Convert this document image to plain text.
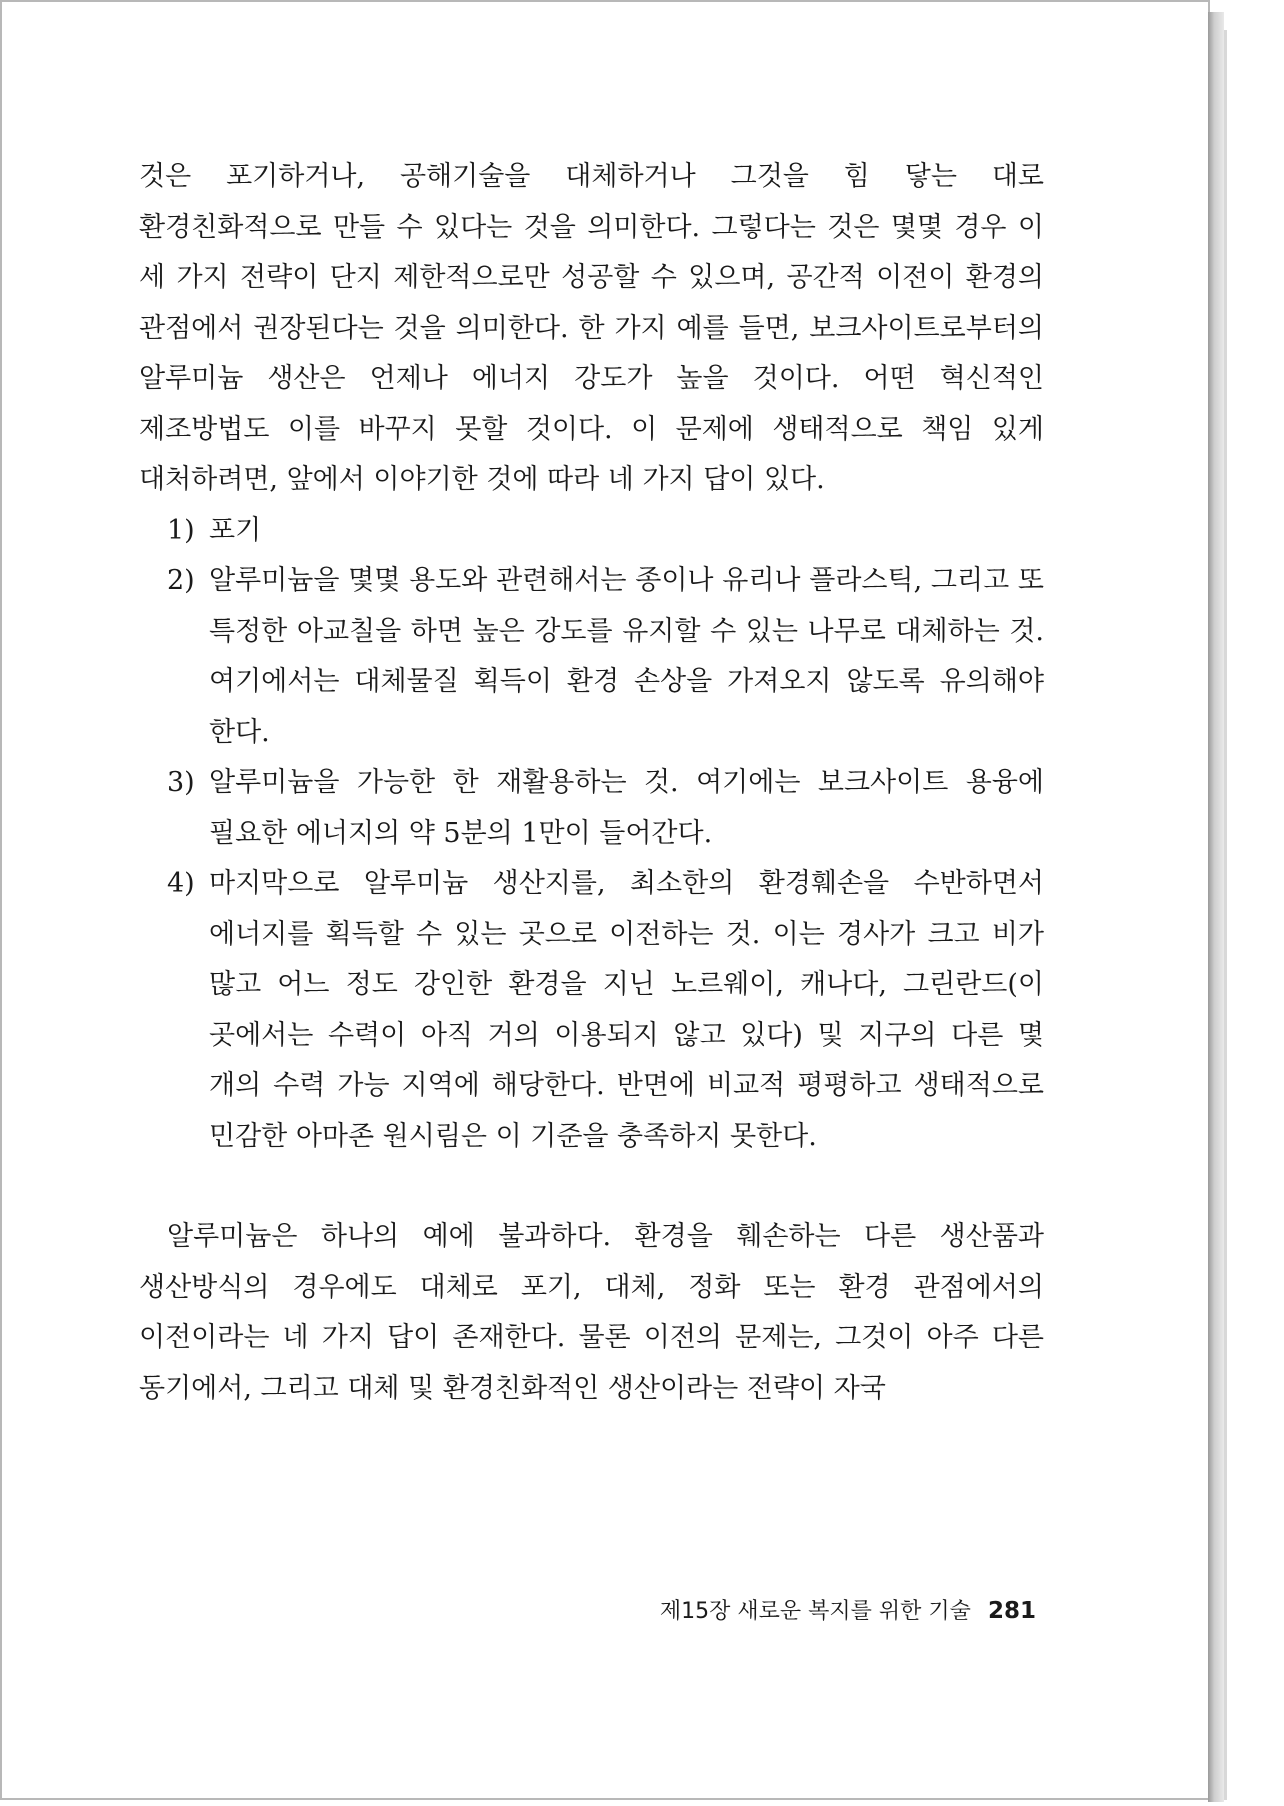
것은 포기하거나, 공해기술을 대체하거나 그것을 힘 닿는 대로 환경친화적으로 만들 수 있다는 것을 의미한다. 그렇다는 것은 몇몇 경우 이 세 가지 전략이 단지 제한적으로만 성공할 수 있으며, 공간적 이전이 환경의 관점에서 권장된다는 것을 의미한다. 한 가지 예를 들면, 보크사이트로부터의 알루미늄 생산은 언제나 에너지 강도가 높을 것이다. 어떤 혁신적인 제조방법도 이를 바꾸지 못할 것이다. 이 문제에 생태적으로 책임 있게 대처하려면, 앞에서 이야기한 것에 따라 네 가지 답이 있다.

1) 포기
2) 알루미늄을 몇몇 용도와 관련해서는 종이나 유리나 플라스틱, 그리고 또 특정한 아교칠을 하면 높은 강도를 유지할 수 있는 나무로 대체하는 것. 여기에서는 대체물질 획득이 환경 손상을 가져오지 않도록 유의해야 한다.
3) 알루미늄을 가능한 한 재활용하는 것. 여기에는 보크사이트 용융에 필요한 에너지의 약 5분의 1만이 들어간다.
4) 마지막으로 알루미늄 생산지를, 최소한의 환경훼손을 수반하면서 에너지를 획득할 수 있는 곳으로 이전하는 것. 이는 경사가 크고 비가 많고 어느 정도 강인한 환경을 지닌 노르웨이, 캐나다, 그린란드(이 곳에서는 수력이 아직 거의 이용되지 않고 있다) 및 지구의 다른 몇 개의 수력 가능 지역에 해당한다. 반면에 비교적 평평하고 생태적으로 민감한 아마존 원시림은 이 기준을 충족하지 못한다.

알루미늄은 하나의 예에 불과하다. 환경을 훼손하는 다른 생산품과 생산방식의 경우에도 대체로 포기, 대체, 정화 또는 환경 관점에서의 이전이라는 네 가지 답이 존재한다. 물론 이전의 문제는, 그것이 아주 다른 동기에서, 그리고 대체 및 환경친화적인 생산이라는 전략이 자국

제15장 새로운 복지를 위한 기술 281
